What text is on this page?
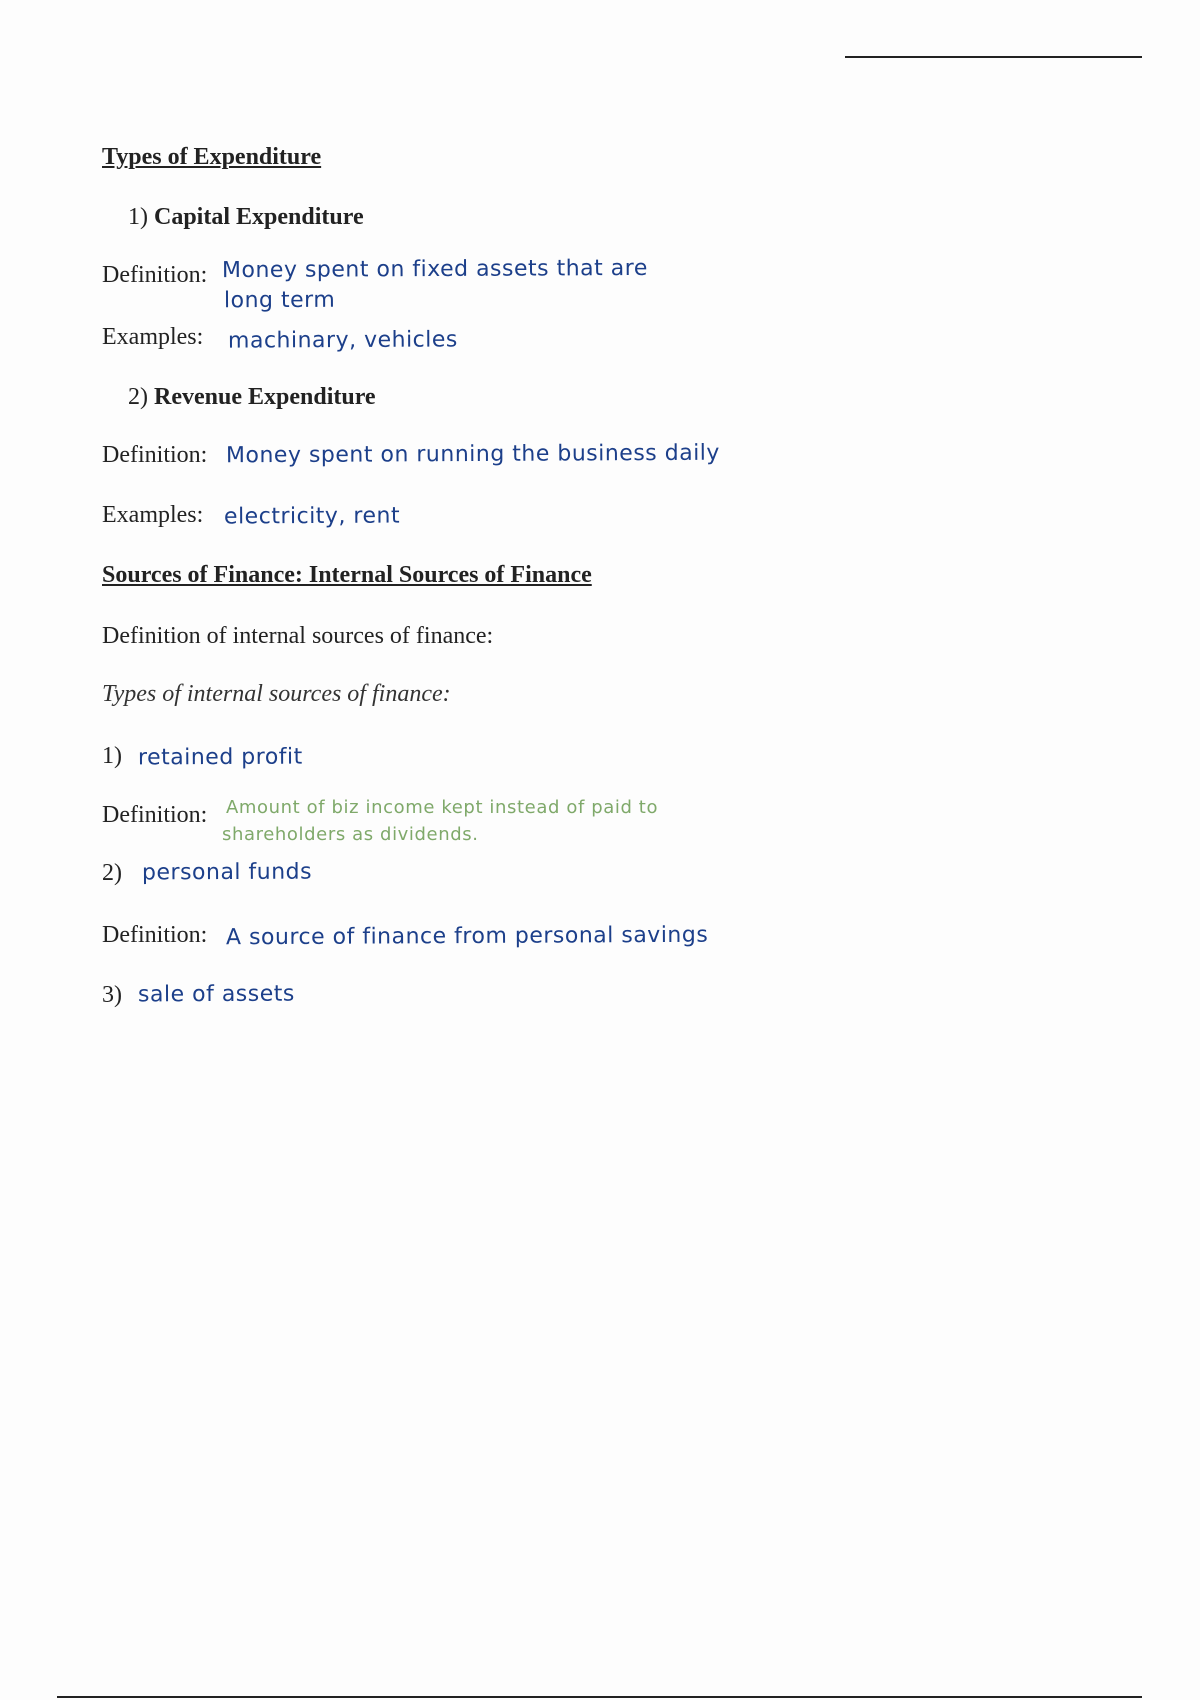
Types of Expenditure
1) Capital Expenditure
Definition: Money spent on fixed assets that are
long term
Examples: machinary, vehicles
2) Revenue Expenditure
Definition: Money spent on running the business daily
Examples: electricity, rent
Sources of Finance: Internal Sources of Finance
Definition of internal sources of finance:
Types of internal sources of finance:
1) retained profit
Definition: Amount of biz income kept instead of paid to
shareholders as dividends.
2) personal funds
Definition: A source of finance from personal savings
3) sale of assets
